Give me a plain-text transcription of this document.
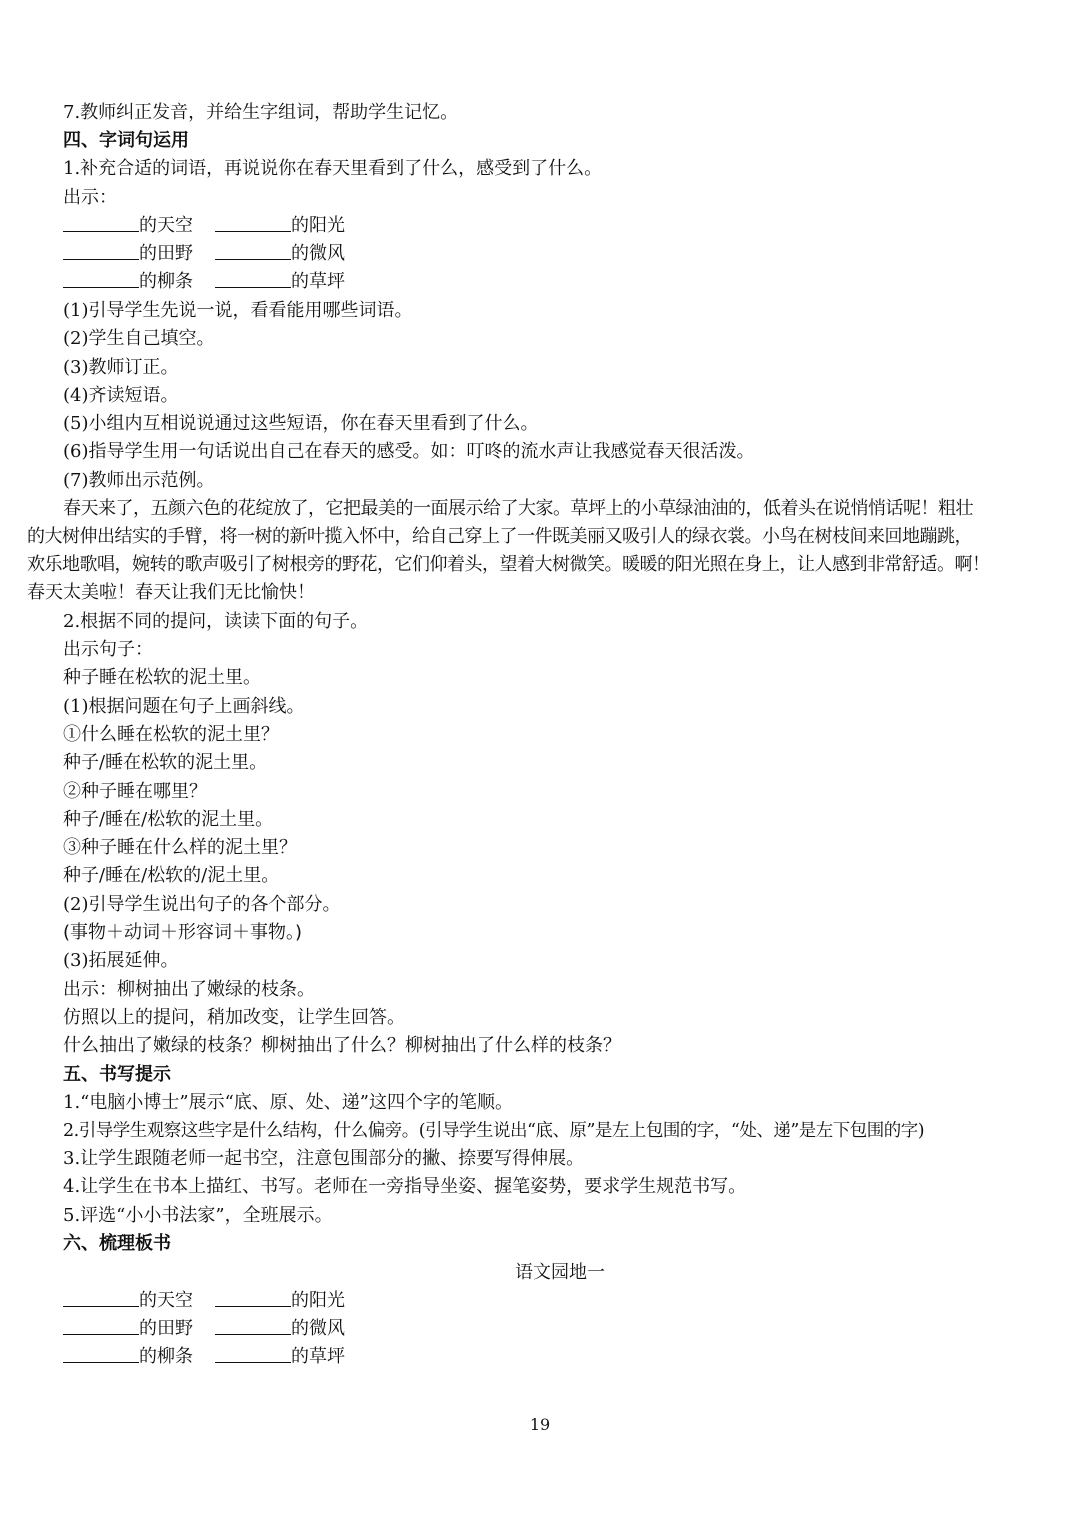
7.教师纠正发音，并给生字组词，帮助学生记忆。
四、字词句运用
1.补充合适的词语，再说说你在春天里看到了什么，感受到了什么。
出示：
的天空	的阳光
的田野	的微风
的柳条	的草坪
(1)引导学生先说一说，看看能用哪些词语。
(2)学生自己填空。
(3)教师订正。
(4)齐读短语。
(5)小组内互相说说通过这些短语，你在春天里看到了什么。
(6)指导学生用一句话说出自己在春天的感受。如：叮咚的流水声让我感觉春天很活泼。
(7)教师出示范例。
春天来了，五颜六色的花绽放了，它把最美的一面展示给了大家。草坪上的小草绿油油的，低着头在说悄悄话呢！粗壮
的大树伸出结实的手臂，将一树的新叶揽入怀中，给自己穿上了一件既美丽又吸引人的绿衣裳。小鸟在树枝间来回地蹦跳，
欢乐地歌唱，婉转的歌声吸引了树根旁的野花，它们仰着头，望着大树微笑。暖暖的阳光照在身上，让人感到非常舒适。啊！
春天太美啦！春天让我们无比愉快！
2.根据不同的提问，读读下面的句子。
出示句子：
种子睡在松软的泥土里。
(1)根据问题在句子上画斜线。
①什么睡在松软的泥土里？
种子/睡在松软的泥土里。
②种子睡在哪里？
种子/睡在/松软的泥土里。
③种子睡在什么样的泥土里？
种子/睡在/松软的/泥土里。
(2)引导学生说出句子的各个部分。
(事物＋动词＋形容词＋事物。)
(3)拓展延伸。
出示：柳树抽出了嫩绿的枝条。
仿照以上的提问，稍加改变，让学生回答。
什么抽出了嫩绿的枝条？柳树抽出了什么？柳树抽出了什么样的枝条？
五、书写提示
1.“电脑小博士”展示“底、原、处、递”这四个字的笔顺。
2.引导学生观察这些字是什么结构，什么偏旁。(引导学生说出“底、原”是左上包围的字，“处、递”是左下包围的字)
3.让学生跟随老师一起书空，注意包围部分的撇、捺要写得伸展。
4.让学生在书本上描红、书写。老师在一旁指导坐姿、握笔姿势，要求学生规范书写。
5.评选“小小书法家”，全班展示。
六、梳理板书
语文园地一
的天空	的阳光
的田野	的微风
的柳条	的草坪
19
